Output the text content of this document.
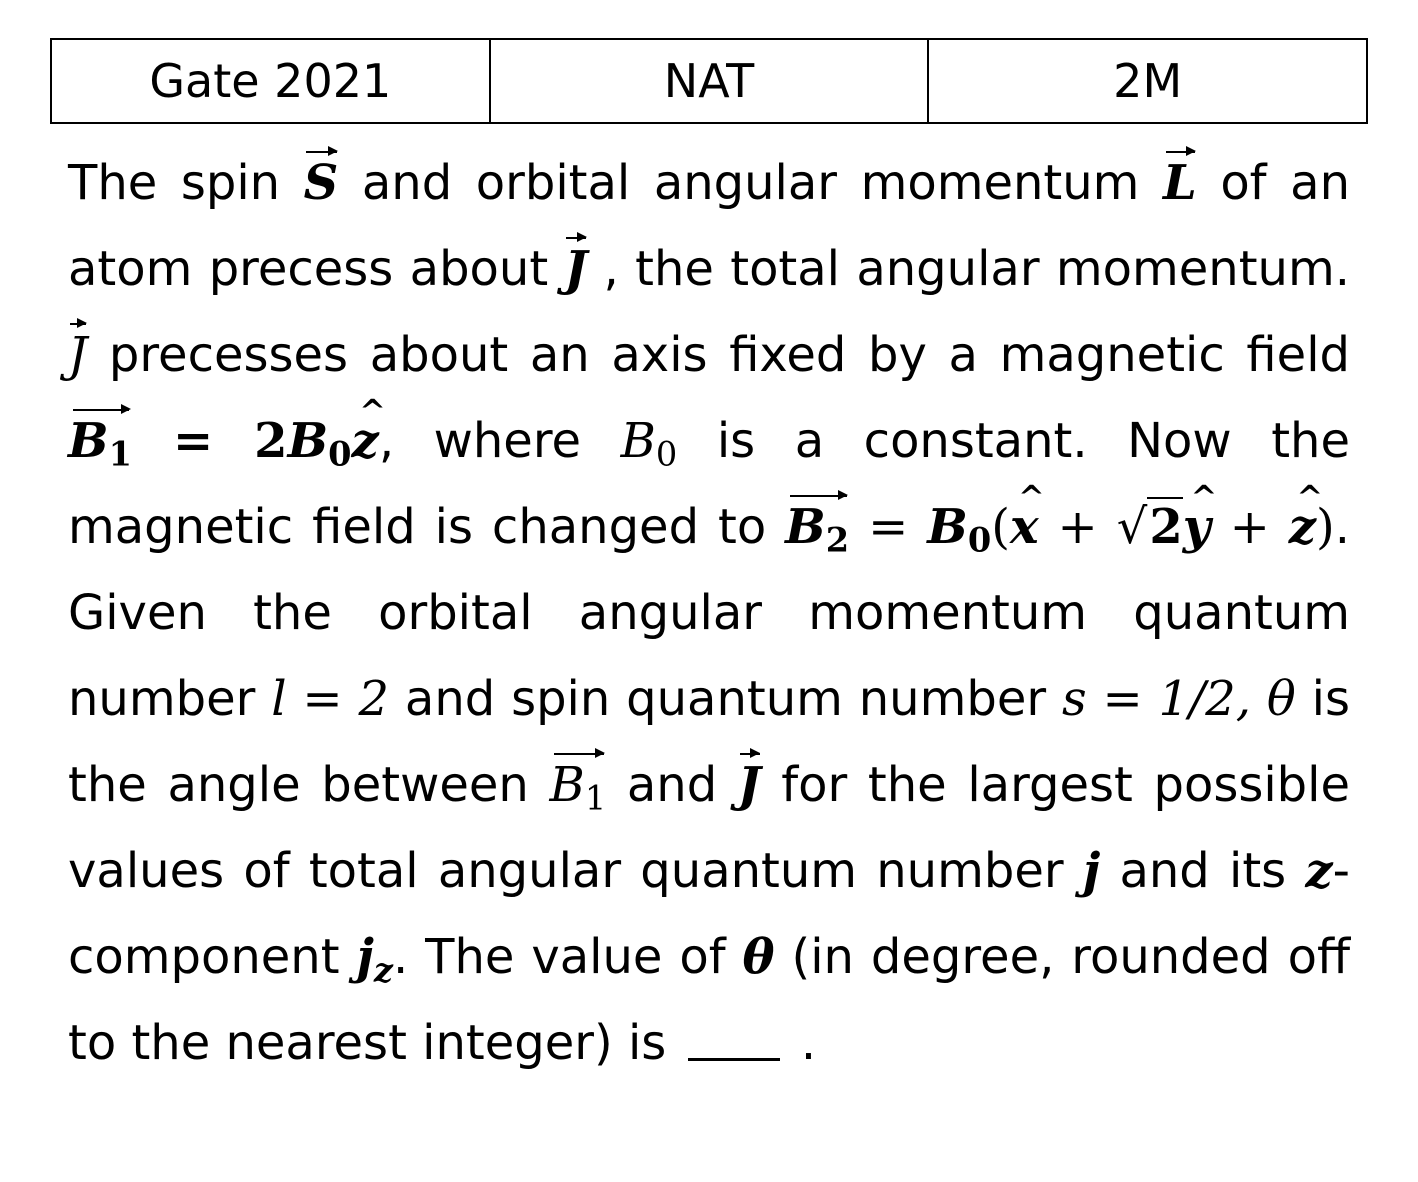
Gate 2021	NAT	2M
The spin S and orbital angular momentum L of an atom precess about J , the total angular momentum. J precesses about an axis fixed by a magnetic field $B_1$ = $2B_0\^{}$ z, where $B_0$ is a constant. Now the magnetic field is changed to $B_2$ = $B_0(\^{}$ x + √2^ y + ^ z). Given the orbital angular momentum quantum number l = 2 and spin quantum number s = 1/2, θ is the angle between $B_1$ and J for the largest possible values of total angular quantum number j and its z-component $j_z$. The value of θ (in degree, rounded off to the nearest integer) is  .
